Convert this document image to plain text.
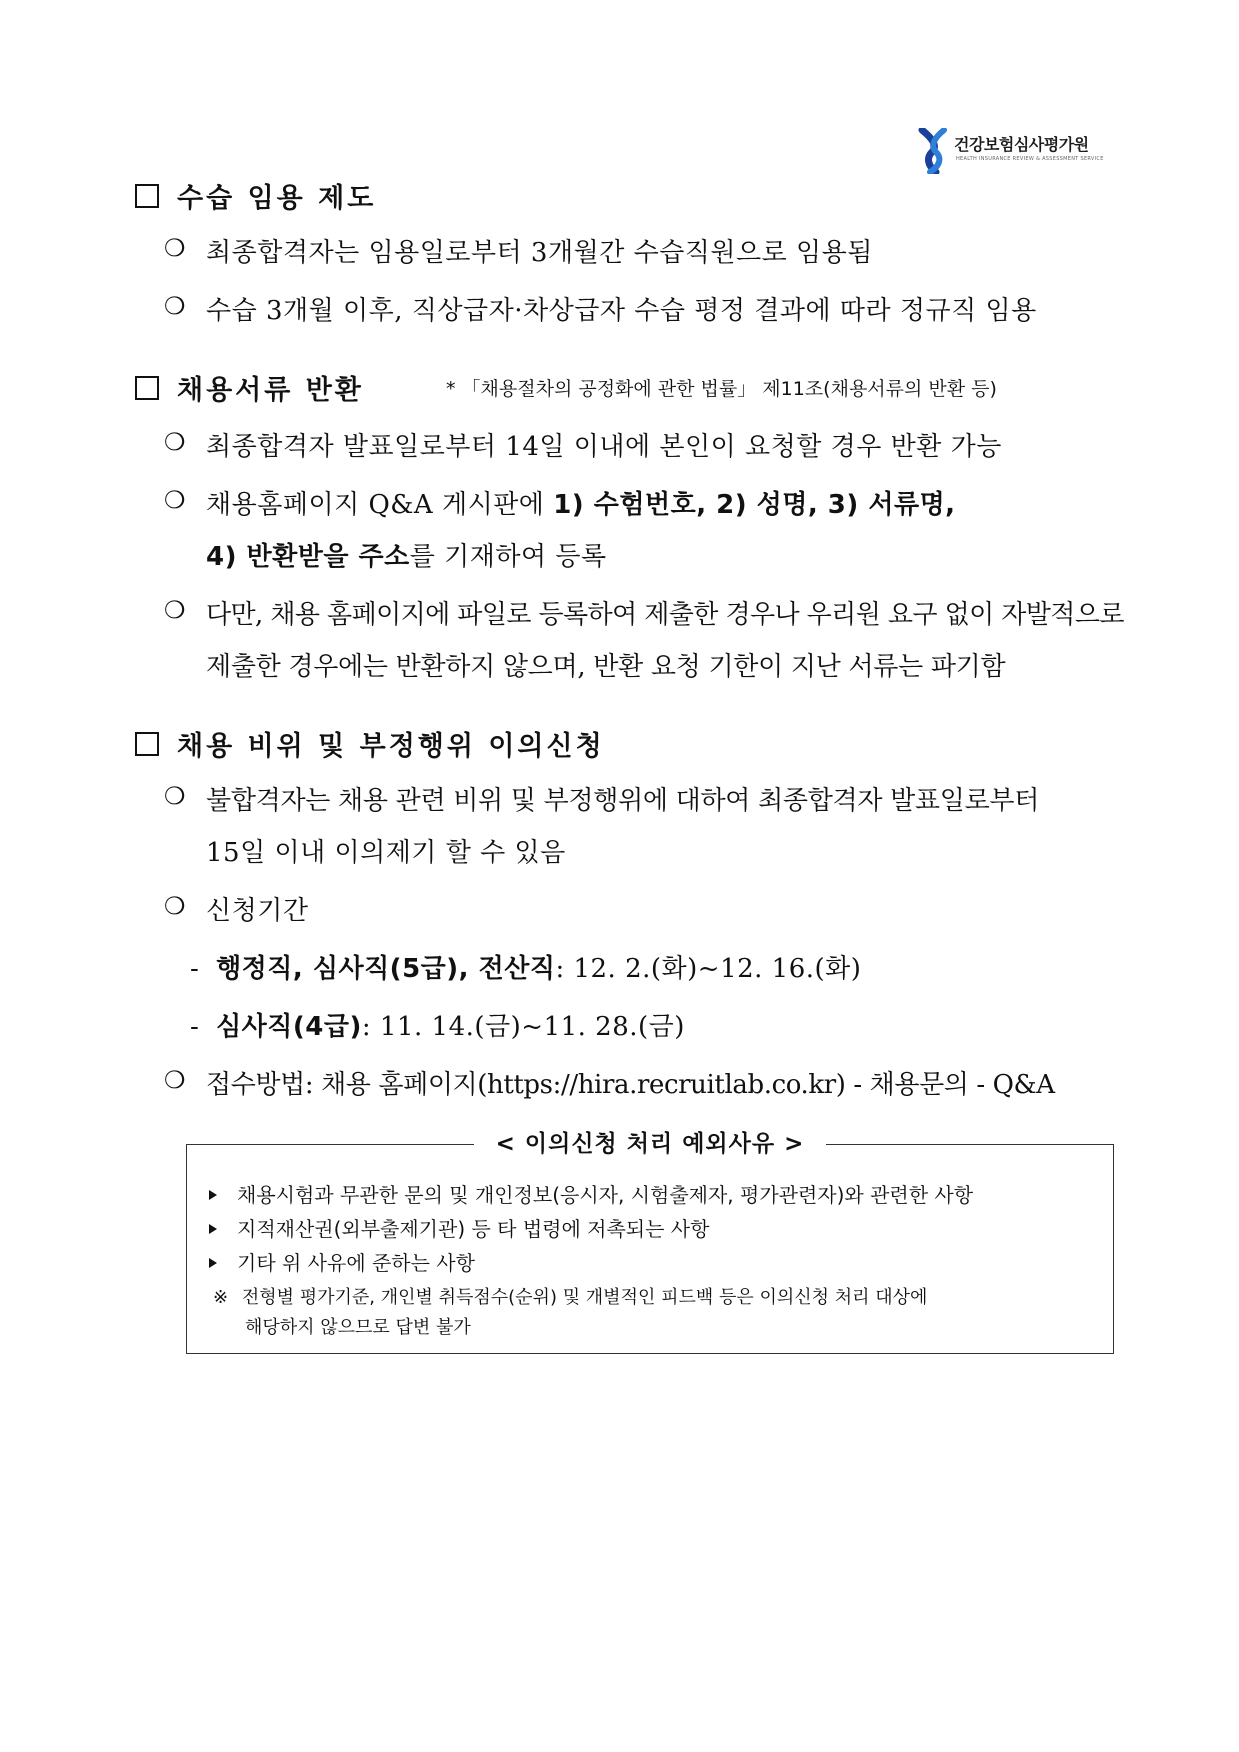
건강보험심사평가원
HEALTH INSURANCE REVIEW & ASSESSMENT SERVICE
수습 임용 제도
❍ 최종합격자는 임용일로부터 3개월간 수습직원으로 임용됨
❍ 수습 3개월 이후, 직상급자·차상급자 수습 평정 결과에 따라 정규직 임용
채용서류 반환	* 「채용절차의 공정화에 관한 법률」 제11조(채용서류의 반환 등)
❍ 최종합격자 발표일로부터 14일 이내에 본인이 요청할 경우 반환 가능
❍ 채용홈페이지 Q&A 게시판에 1) 수험번호, 2) 성명, 3) 서류명,
4) 반환받을 주소를 기재하여 등록
❍ 다만, 채용 홈페이지에 파일로 등록하여 제출한 경우나 우리원 요구 없이 자발적으로
제출한 경우에는 반환하지 않으며, 반환 요청 기한이 지난 서류는 파기함
채용 비위 및 부정행위 이의신청
❍ 불합격자는 채용 관련 비위 및 부정행위에 대하여 최종합격자 발표일로부터
15일 이내 이의제기 할 수 있음
❍ 신청기간
- 행정직, 심사직(5급), 전산직: 12. 2.(화)~12. 16.(화)
- 심사직(4급): 11. 14.(금)~11. 28.(금)
❍ 접수방법: 채용 홈페이지(https://hira.recruitlab.co.kr) - 채용문의 - Q&A
< 이의신청 처리 예외사유 >
채용시험과 무관한 문의 및 개인정보(응시자, 시험출제자, 평가관련자)와 관련한 사항
지적재산권(외부출제기관) 등 타 법령에 저촉되는 사항
기타 위 사유에 준하는 사항
※ 전형별 평가기준, 개인별 취득점수(순위) 및 개별적인 피드백 등은 이의신청 처리 대상에
해당하지 않으므로 답변 불가
